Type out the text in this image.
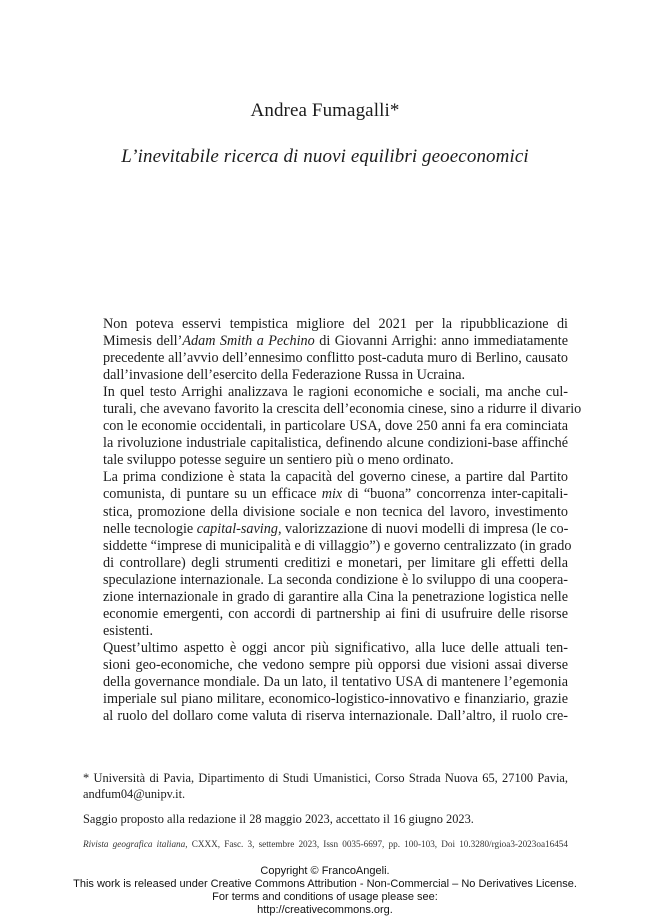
Andrea Fumagalli*
L’inevitabile ricerca di nuovi equilibri geoeconomici

Non poteva esservi tempistica migliore del 2021 per la ripubblicazione di
Mimesis dell’Adam Smith a Pechino di Giovanni Arrighi: anno immediatamente
precedente all’avvio dell’ennesimo conflitto post-caduta muro di Berlino, causato
dall’invasione dell’esercito della Federazione Russa in Ucraina.

In quel testo Arrighi analizzava le ragioni economiche e sociali, ma anche cul-
turali, che avevano favorito la crescita dell’economia cinese, sino a ridurre il divario
con le economie occidentali, in particolare USA, dove 250 anni fa era cominciata
la rivoluzione industriale capitalistica, definendo alcune condizioni-base affinché
tale sviluppo potesse seguire un sentiero più o meno ordinato.

La prima condizione è stata la capacità del governo cinese, a partire dal Partito
comunista, di puntare su un efficace mix di “buona” concorrenza inter-capitali-
stica, promozione della divisione sociale e non tecnica del lavoro, investimento
nelle tecnologie capital-saving, valorizzazione di nuovi modelli di impresa (le co-
siddette “imprese di municipalità e di villaggio”) e governo centralizzato (in grado
di controllare) degli strumenti creditizi e monetari, per limitare gli effetti della
speculazione internazionale. La seconda condizione è lo sviluppo di una coopera-
zione internazionale in grado di garantire alla Cina la penetrazione logistica nelle
economie emergenti, con accordi di partnership ai fini di usufruire delle risorse
esistenti.

Quest’ultimo aspetto è oggi ancor più significativo, alla luce delle attuali ten-
sioni geo-economiche, che vedono sempre più opporsi due visioni assai diverse
della governance mondiale. Da un lato, il tentativo USA di mantenere l’egemonia
imperiale sul piano militare, economico-logistico-innovativo e finanziario, grazie
al ruolo del dollaro come valuta di riserva internazionale. Dall’altro, il ruolo cre-

* Università di Pavia, Dipartimento di Studi Umanistici, Corso Strada Nuova 65, 27100 Pavia,
andfum04@unipv.it.
Saggio proposto alla redazione il 28 maggio 2023, accettato il 16 giugno 2023.
Rivista geografica italiana, CXXX, Fasc. 3, settembre 2023, Issn 0035-6697, pp. 100-103, Doi 10.3280/rgioa3-2023oa16454
Copyright © FrancoAngeli.
This work is released under Creative Commons Attribution - Non-Commercial – No Derivatives License.
For terms and conditions of usage please see:
http://creativecommons.org.
